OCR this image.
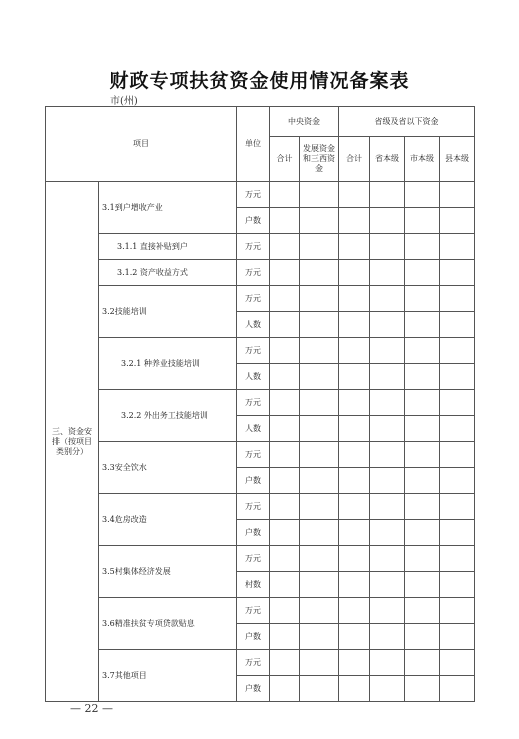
财政专项扶贫资金使用情况备案表
市(州)
项目		单位	中央资金		省级及省以下资金			
			合计	发展资金和三西资金	合计	省本级	市本级	县本级
三、资金安排（按项目类别分）	3.1到户增收产业	万元						
		户数						
	3.1.1 直接补贴到户	万元						
	3.1.2 资产收益方式	万元						
	3.2技能培训	万元						
		人数						
	3.2.1 种养业技能培训	万元						
		人数						
	3.2.2 外出务工技能培训	万元						
		人数						
	3.3安全饮水	万元						
		户数						
	3.4危房改造	万元						
		户数						
	3.5村集体经济发展	万元						
		村数						
	3.6精准扶贫专项贷款贴息	万元						
		户数						
	3.7其他项目	万元						
		户数						
— 22 —
